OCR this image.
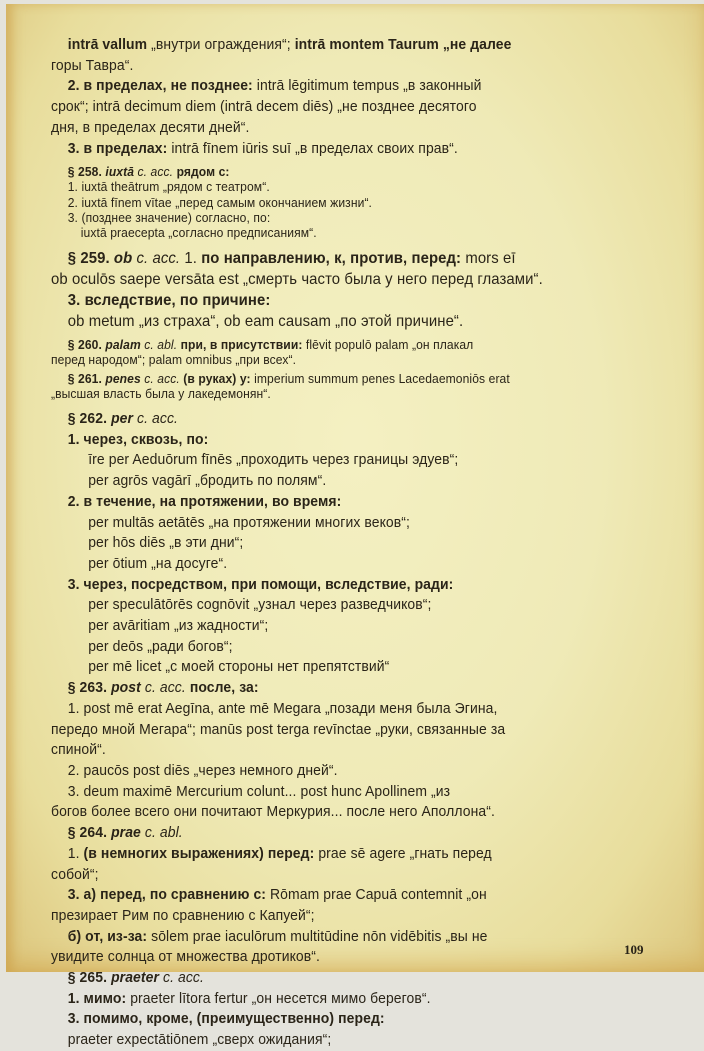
intrā vallum „внутри ограждения“; intrā montem Taurum „не далее
горы Тавра“.
2. в пределах, не позднее: intrā lēgitimum tempus „в законный
срок“; intrā decimum diem (intrā decem diēs) „не позднее десятого
дня, в пределах десяти дней“.
3. в пределах: intrā fīnem iūris suī „в пределах своих прав“.
§ 258. iuxtā c. acc. рядом с:
1. iuxtā theātrum „рядом с театром“.
2. iuxtā fīnem vītae „перед самым окончанием жизни“.
3. (позднее значение) согласно, по:
iuxtā praecepta „согласно предписаниям“.
§ 259. ob c. acc. 1. по направлению, к, против, перед: mors eī
ob oculōs saepe versāta est „смерть часто была у него перед глазами“.
3. вследствие, по причине:
ob metum „из страха“, ob eam causam „по этой причине“.
§ 260. palam c. abl. при, в присутствии: flēvit populō palam „он плакал
перед народом“; palam omnibus „при всех“.
§ 261. penes c. acc. (в руках) у: imperium summum penes Lacedaemoniōs erat
„высшая власть была у лакедемонян“.
§ 262. per c. acc.
1. через, сквозь, по:
īre per Aeduōrum fīnēs „проходить через границы эдуев“;
per agrōs vagārī „бродить по полям“.
2. в течение, на протяжении, во время:
per multās aetātēs „на протяжении многих веков“;
per hōs diēs „в эти дни“;
per ōtium „на досуге“.
3. через, посредством, при помощи, вследствие, ради:
per speculātōrēs cognōvit „узнал через разведчиков“;
per avāritiam „из жадности“;
per deōs „ради богов“;
per mē licet „с моей стороны нет препятствий“
§ 263. post c. acc. после, за:
1. post mē erat Aegīna, ante mē Megara „позади меня была Эгина,
передо мной Мегара“; manūs post terga revīnctae „руки, связанные за
спиной“.
2. paucōs post diēs „через немного дней“.
3. deum maximē Mercurium colunt... post hunc Apollinem „из
богов более всего они почитают Меркурия... после него Аполлона“.
§ 264. prae c. abl.
1. (в немногих выражениях) перед: prae sē agere „гнать перед
собой“;
3. а) перед, по сравнению с: Rōmam prae Capuā contemnit „он
презирает Рим по сравнению с Капуей“;
б) от, из-за: sōlem prae iaculōrum multitūdine nōn vidēbitis „вы не
увидите солнца от множества дротиков“.
§ 265. praeter c. acc.
1. мимо: praeter lītora fertur „он несется мимо берегов“.
3. помимо, кроме, (преимущественно) перед:
praeter expectātiōnem „сверх ожидания“;
109
